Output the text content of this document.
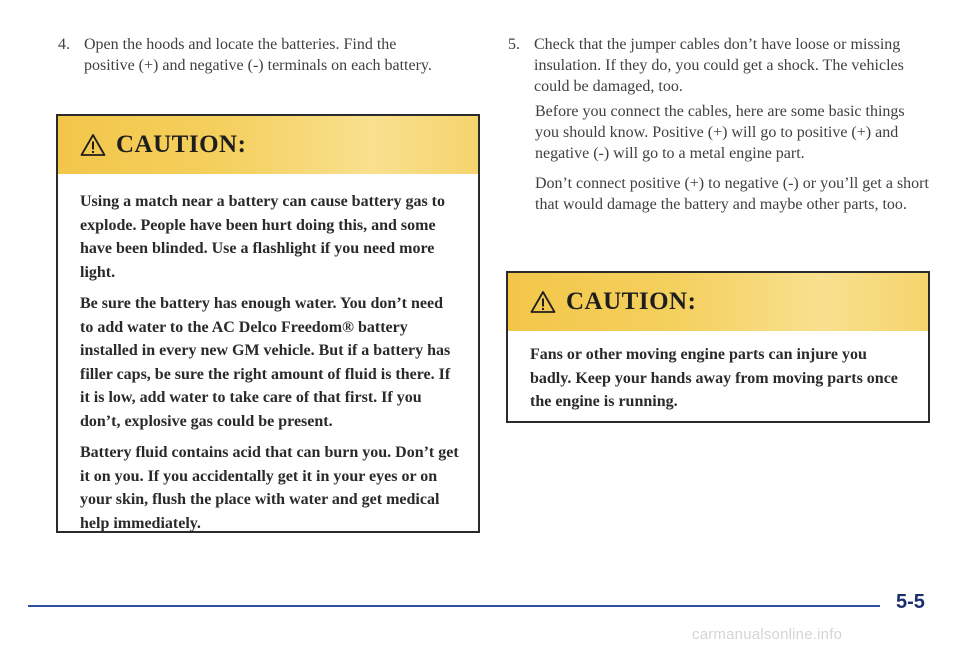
4. Open the hoods and locate the batteries. Find the positive (+) and negative (-) terminals on each battery.
CAUTION:

Using a match near a battery can cause battery gas to explode. People have been hurt doing this, and some have been blinded. Use a flashlight if you need more light.

Be sure the battery has enough water. You don’t need to add water to the AC Delco Freedom® battery installed in every new GM vehicle. But if a battery has filler caps, be sure the right amount of fluid is there. If it is low, add water to take care of that first. If you don’t, explosive gas could be present.

Battery fluid contains acid that can burn you. Don’t get it on you. If you accidentally get it in your eyes or on your skin, flush the place with water and get medical help immediately.

5. Check that the jumper cables don’t have loose or missing insulation. If they do, you could get a shock. The vehicles could be damaged, too.

Before you connect the cables, here are some basic things you should know. Positive (+) will go to positive (+) and negative (-) will go to a metal engine part.

Don’t connect positive (+) to negative (-) or you’ll get a short that would damage the battery and maybe other parts, too.

CAUTION:

Fans or other moving engine parts can injure you badly. Keep your hands away from moving parts once the engine is running.

5-5
carmanualsonline.info
